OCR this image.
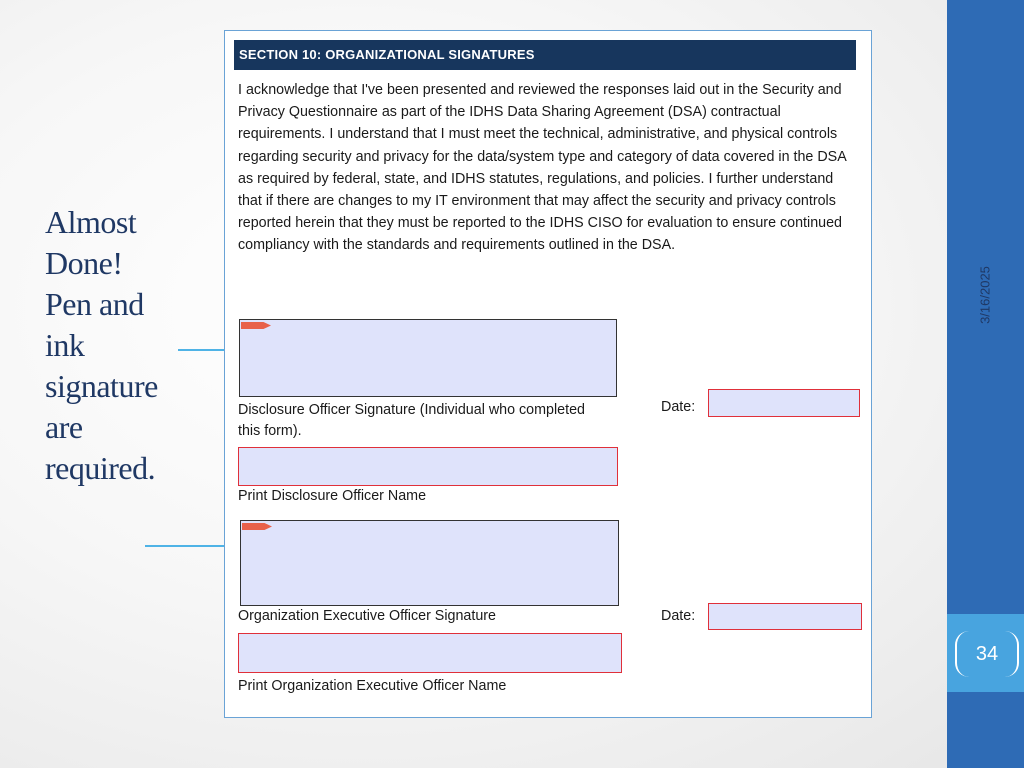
Almost
Done!
Pen and
ink
signature
are
required.
3/16/2025
34
SECTION 10: ORGANIZATIONAL SIGNATURES
I acknowledge that I've been presented and reviewed the responses laid out in the Security and Privacy Questionnaire as part of the IDHS Data Sharing Agreement (DSA) contractual requirements. I understand that I must meet the technical, administrative, and physical controls regarding security and privacy for the data/system type and category of data covered in the DSA as required by federal, state, and IDHS statutes, regulations, and policies. I further understand that if there are changes to my IT environment that may affect the security and privacy controls reported herein that they must be reported to the IDHS CISO for evaluation to ensure continued compliancy with the standards and requirements outlined in the DSA.
Disclosure Officer Signature (Individual who completed this form).
Date:
Print Disclosure Officer Name
Organization Executive Officer Signature	Date:
Print Organization Executive Officer Name
